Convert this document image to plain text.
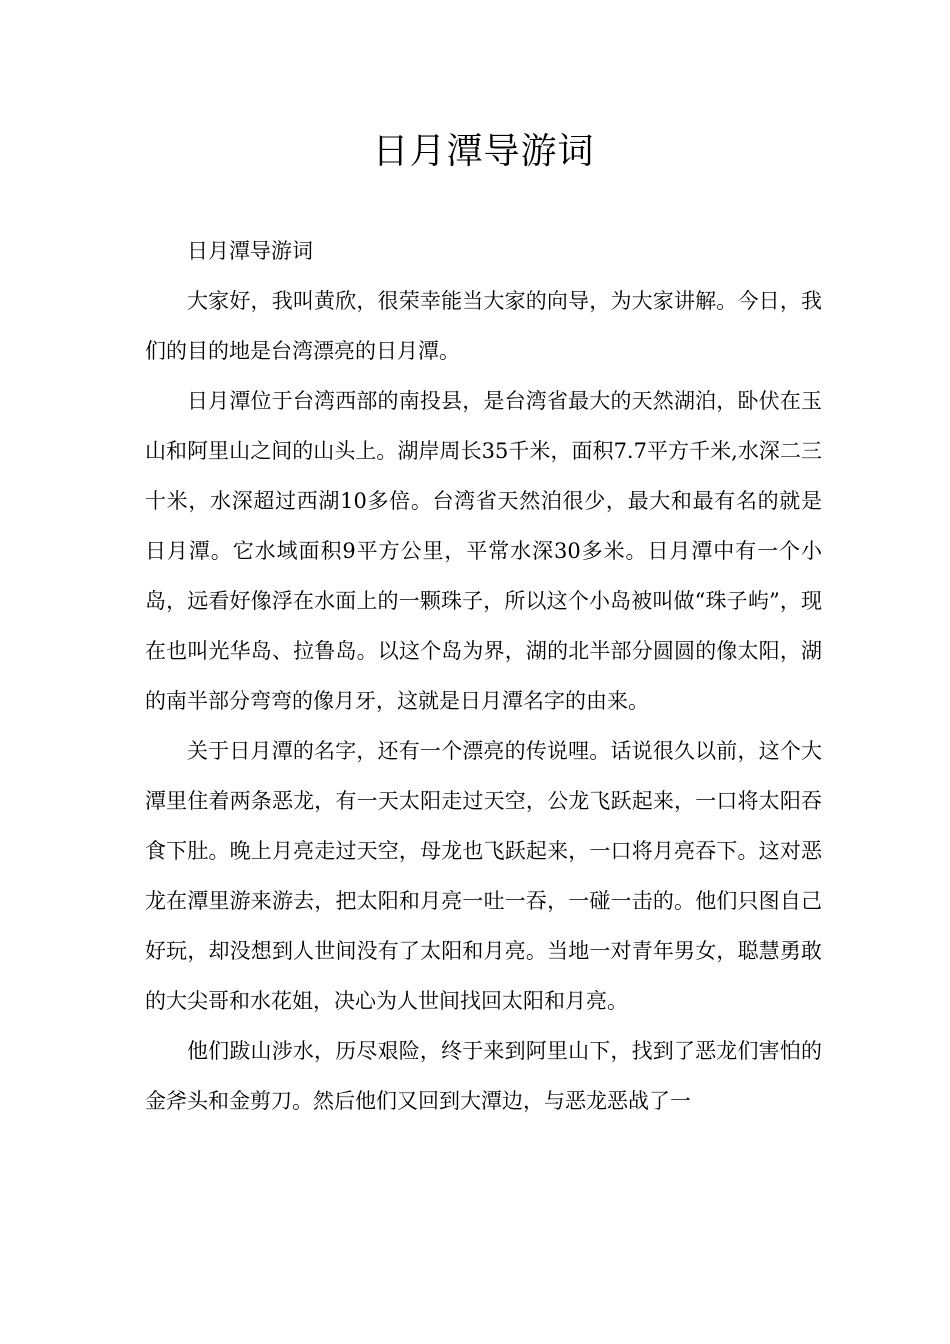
日月潭导游词

日月潭导游词

大家好，我叫黄欣，很荣幸能当大家的向导，为大家讲解。今日，我们的目的地是台湾漂亮的日月潭。

日月潭位于台湾西部的南投县，是台湾省最大的天然湖泊，卧伏在玉山和阿里山之间的山头上。湖岸周长35千米，面积7.7平方千米,水深二三十米，水深超过西湖10多倍。台湾省天然泊很少，最大和最有名的就是日月潭。它水域面积9平方公里，平常水深30多米。日月潭中有一个小岛，远看好像浮在水面上的一颗珠子，所以这个小岛被叫做“珠子屿”，现在也叫光华岛、拉鲁岛。以这个岛为界，湖的北半部分圆圆的像太阳，湖的南半部分弯弯的像月牙，这就是日月潭名字的由来。

关于日月潭的名字，还有一个漂亮的传说哩。话说很久以前，这个大潭里住着两条恶龙，有一天太阳走过天空，公龙飞跃起来，一口将太阳吞食下肚。晚上月亮走过天空，母龙也飞跃起来，一口将月亮吞下。这对恶龙在潭里游来游去，把太阳和月亮一吐一吞，一碰一击的。他们只图自己好玩，却没想到人世间没有了太阳和月亮。当地一对青年男女，聪慧勇敢的大尖哥和水花姐，决心为人世间找回太阳和月亮。

他们跋山涉水，历尽艰险，终于来到阿里山下，找到了恶龙们害怕的金斧头和金剪刀。然后他们又回到大潭边，与恶龙恶战了一
